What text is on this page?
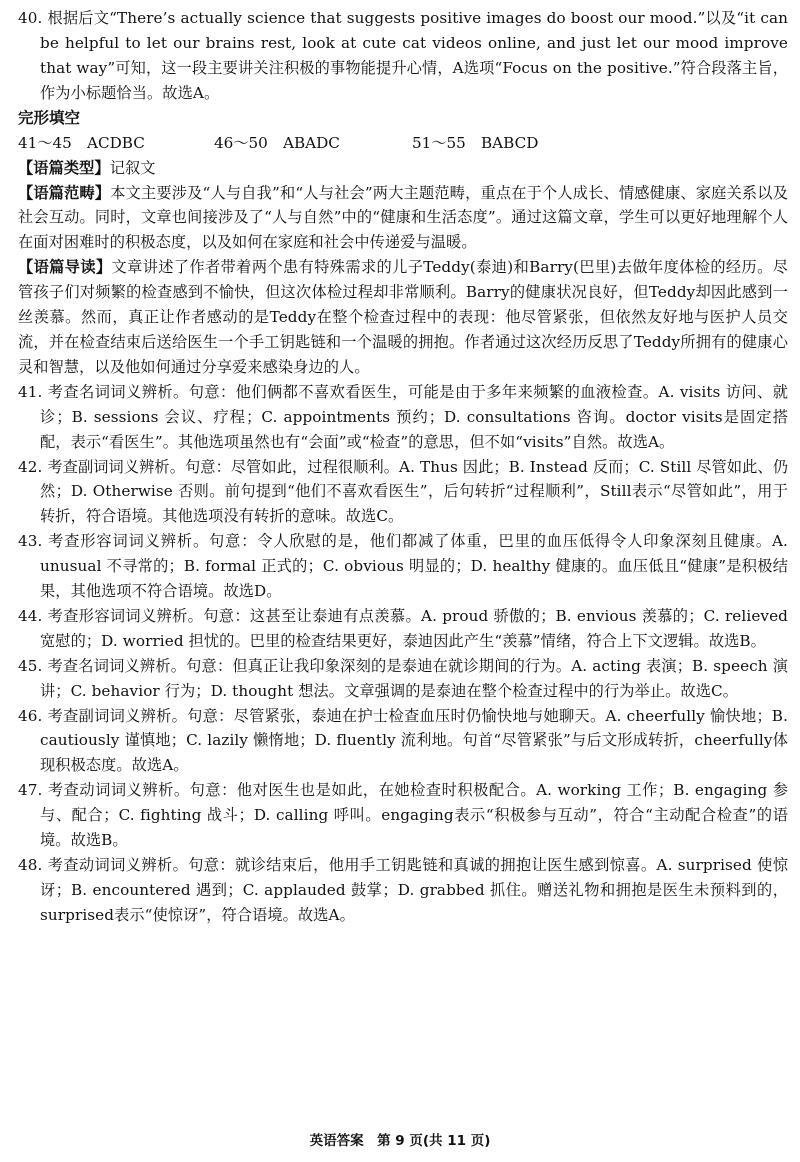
40. 根据后文“There’s actually science that suggests positive images do boost our mood.”以及“it can be helpful to let our brains rest, look at cute cat videos online, and just let our mood improve that way”可知，这一段主要讲关注积极的事物能提升心情，A选项“Focus on the positive.”符合段落主旨，作为小标题恰当。故选A。
完形填空
41～45　ACDBC	46～50　ABADC	51～55　BABCD
【语篇类型】记叙文
【语篇范畴】本文主要涉及“人与自我”和“人与社会”两大主题范畴，重点在于个人成长、情感健康、家庭关系以及社会互动。同时，文章也间接涉及了“人与自然”中的“健康和生活态度”。通过这篇文章，学生可以更好地理解个人在面对困难时的积极态度，以及如何在家庭和社会中传递爱与温暖。
【语篇导读】文章讲述了作者带着两个患有特殊需求的儿子Teddy(泰迪)和Barry(巴里)去做年度体检的经历。尽管孩子们对频繁的检查感到不愉快，但这次体检过程却非常顺利。Barry的健康状况良好，但Teddy却因此感到一丝羡慕。然而，真正让作者感动的是Teddy在整个检查过程中的表现：他尽管紧张，但依然友好地与医护人员交流，并在检查结束后送给医生一个手工钥匙链和一个温暖的拥抱。作者通过这次经历反思了Teddy所拥有的健康心灵和智慧，以及他如何通过分享爱来感染身边的人。
41. 考查名词词义辨析。句意：他们俩都不喜欢看医生，可能是由于多年来频繁的血液检查。A. visits 访问、就诊；B. sessions 会议、疗程；C. appointments 预约；D. consultations 咨询。doctor visits是固定搭配，表示“看医生”。其他选项虽然也有“会面”或“检查”的意思，但不如“visits”自然。故选A。
42. 考查副词词义辨析。句意：尽管如此，过程很顺利。A. Thus 因此；B. Instead 反而；C. Still 尽管如此、仍然；D. Otherwise 否则。前句提到“他们不喜欢看医生”，后句转折“过程顺利”，Still表示“尽管如此”，用于转折，符合语境。其他选项没有转折的意味。故选C。
43. 考查形容词词义辨析。句意：令人欣慰的是，他们都减了体重，巴里的血压低得令人印象深刻且健康。A. unusual 不寻常的；B. formal 正式的；C. obvious 明显的；D. healthy 健康的。血压低且“健康”是积极结果，其他选项不符合语境。故选D。
44. 考查形容词词义辨析。句意：这甚至让泰迪有点羡慕。A. proud 骄傲的；B. envious 羡慕的；C. relieved 宽慰的；D. worried 担忧的。巴里的检查结果更好，泰迪因此产生“羡慕”情绪，符合上下文逻辑。故选B。
45. 考查名词词义辨析。句意：但真正让我印象深刻的是泰迪在就诊期间的行为。A. acting 表演；B. speech 演讲；C. behavior 行为；D. thought 想法。文章强调的是泰迪在整个检查过程中的行为举止。故选C。
46. 考查副词词义辨析。句意：尽管紧张，泰迪在护士检查血压时仍愉快地与她聊天。A. cheerfully 愉快地；B. cautiously 谨慎地；C. lazily 懒惰地；D. fluently 流利地。句首“尽管紧张”与后文形成转折，cheerfully体现积极态度。故选A。
47. 考查动词词义辨析。句意：他对医生也是如此，在她检查时积极配合。A. working 工作；B. engaging 参与、配合；C. fighting 战斗；D. calling 呼叫。engaging表示“积极参与互动”，符合“主动配合检查”的语境。故选B。
48. 考查动词词义辨析。句意：就诊结束后，他用手工钥匙链和真诚的拥抱让医生感到惊喜。A. surprised 使惊讶；B. encountered 遇到；C. applauded 鼓掌；D. grabbed 抓住。赠送礼物和拥抱是医生未预料到的，surprised表示“使惊讶”，符合语境。故选A。
英语答案　第 9 页(共 11 页)
